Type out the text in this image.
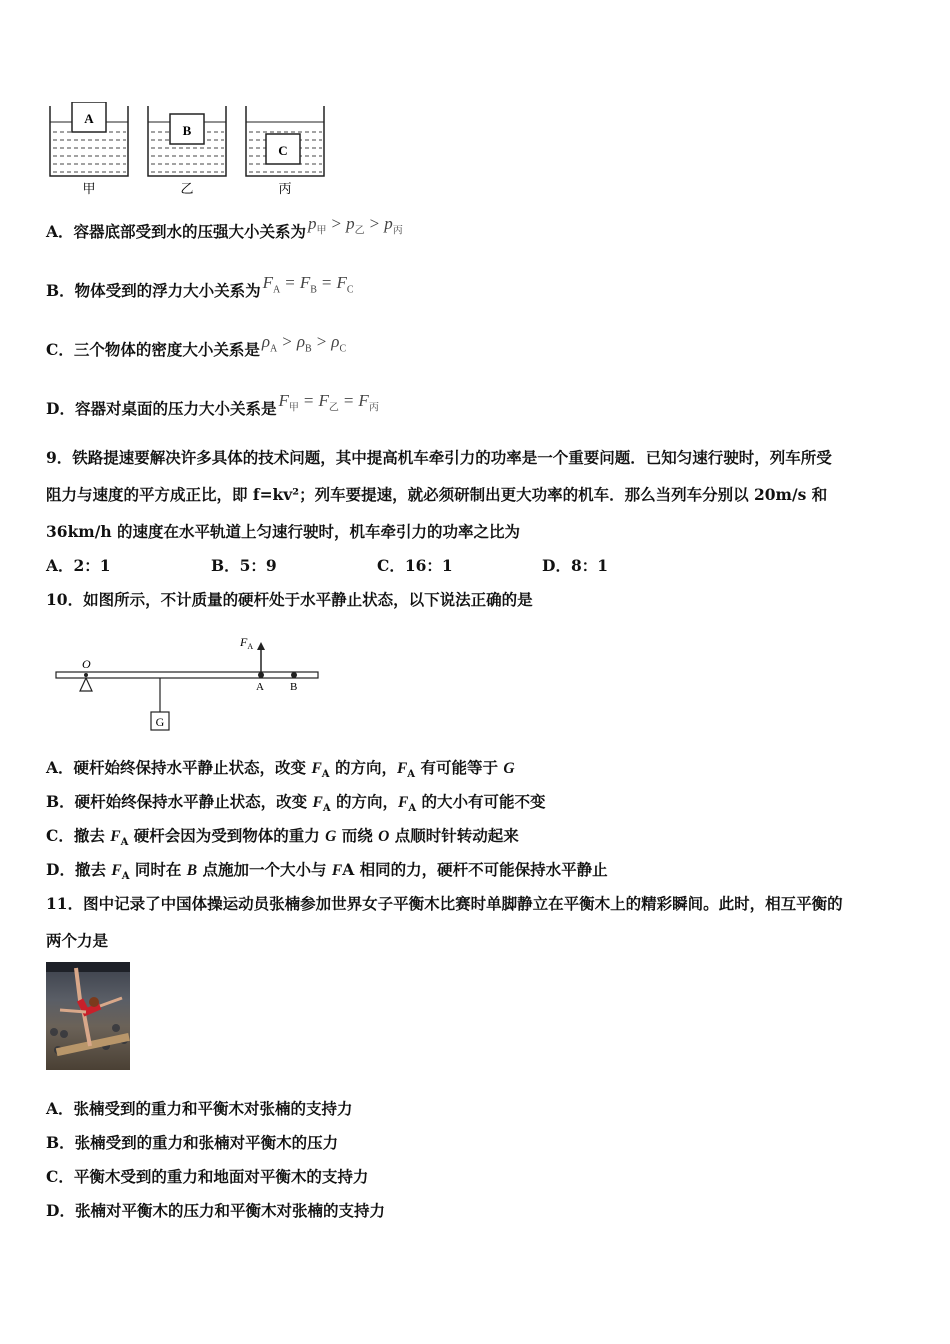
A
甲
B
乙
C
丙
A．容器底部受到水的压强大小关系为 $p_甲 > p_乙 > p_丙$
B．物体受到的浮力大小关系为 $F_A = F_B = F_C$
C．三个物体的密度大小关系是 $\rho_A > \rho_B > \rho_C$
D．容器对桌面的压力大小关系是 $F_甲 = F_乙 = F_丙$
9．铁路提速要解决许多具体的技术问题，其中提高机车牵引力的功率是一个重要问题．已知匀速行驶时，列车所受
阻力与速度的平方成正比，即 f=kv²；列车要提速，就必须研制出更大功率的机车．那么当列车分别以 20m/s 和
36km/h 的速度在水平轨道上匀速行驶时，机车牵引力的功率之比为
A．2：1	B．5：9	C．16：1	D．8：1
10．如图所示，不计质量的硬杆处于水平静止状态，以下说法正确的是
O
G
$F_A$
A B
A．硬杆始终保持水平静止状态，改变 $F_A$ 的方向，$F_A$ 有可能等于 G
B．硬杆始终保持水平静止状态，改变 $F_A$ 的方向，$F_A$ 的大小有可能不变
C．撤去 $F_A$ 硬杆会因为受到物体的重力 G 而绕 O 点顺时针转动起来
D．撤去 $F_A$ 同时在 B 点施加一个大小与 FA 相同的力，硬杆不可能保持水平静止
11．图中记录了中国体操运动员张楠参加世界女子平衡木比赛时单脚静立在平衡木上的精彩瞬间。此时，相互平衡的
两个力是
A．张楠受到的重力和平衡木对张楠的支持力
B．张楠受到的重力和张楠对平衡木的压力
C．平衡木受到的重力和地面对平衡木的支持力
D．张楠对平衡木的压力和平衡木对张楠的支持力
